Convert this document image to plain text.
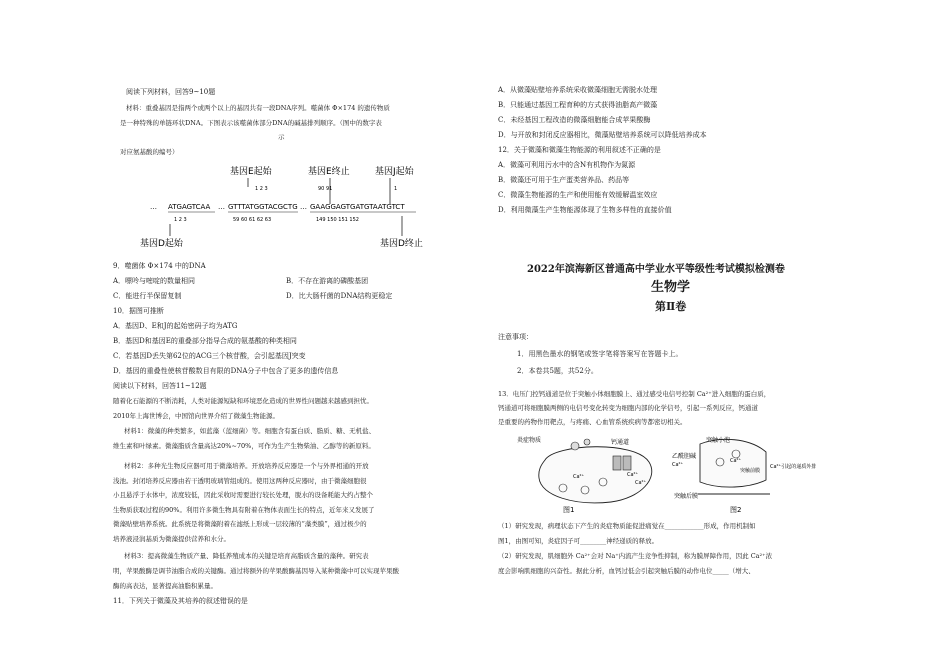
阅读下列材料，回答9~10题
材料：重叠基因是指两个或两个以上的基因共有一段DNA序列。噬菌体 Φ×174 的遗传物质
是一种特殊的单链环状DNA。下图表示该噬菌体部分DNA的碱基排列顺序。（图中的数字表
示
对应氨基酸的编号）
基因E起始	基因E终止	基因J起始
1 2 3	90 91	1
ATGAGTCAA
…	… GTTTATGGTACGCTG … GAAGGAGTGATGTAATGTCT
1 2 3	59 60 61 62 63	149 150 151 152
基因D起始	基因D终止
9．噬菌体 Φ×174 中的DNA
A．嘌呤与嘧啶的数量相同	B．不存在游离的磷酸基团
C．能进行半保留复制	D．比大肠杆菌的DNA结构更稳定
10．据图可推断
A．基因D、E和J的起始密码子均为ATG
B．基因D和基因E的重叠部分指导合成的氨基酸的种类相同
C．若基因D丢失第62位的ACG三个核苷酸，会引起基因J突变
D．基因的重叠性使核苷酸数目有限的DNA分子中包含了更多的遗传信息
阅读以下材料，回答11~12题
随着化石能源的不断消耗，人类对能源短缺和环境恶化造成的世界性问题越来越感到担忧。
2010年上海世博会，中国馆向世界介绍了微藻生物能源。
材料1：微藻的种类繁多，如蓝藻（蓝细菌）等。细胞含有蛋白质、脂质、糖、无机盐、
维生素和叶绿素。微藻脂质含量高达20%~70%，可作为生产生物柴油、乙醇等的新原料。
材料2：多种光生物反应器可用于微藻培养。开放培养反应器是一个与外界相通的开放
浅池。封闭培养反应器由若干透明玻璃管组成的。使用这两种反应器时，由于微藻细胞很
小且悬浮于水体中，浓度较低，因此采收时需要进行较长处理，脱水的设备耗能大约占整个
生物质获取过程的90%。利用许多微生物具有附着在物体表面生长的特点，近年来又发展了
微藻贴壁培养系统。此系统是将微藻附着在滤纸上形成一层较薄的“藻类膜”，通过极少的
培养液浸润基质为微藻提供营养和水分。
材料3：提高微藻生物质产量、降低养殖成本的关键是培育高脂质含量的藻种。研究表
明，苹果酸酶是调节油脂合成的关键酶。通过将额外的苹果酸酶基因导入某种微藻中可以实现苹果酸
酶的高表达，显著提高油脂积累量。
11．下列关于微藻及其培养的叙述错误的是
A．从微藻贴壁培养系统采收微藻细胞无需脱水处理
B．只能通过基因工程育种的方式获得油脂高产微藻
C．未经基因工程改造的微藻细胞能合成苹果酸酶
D．与开放和封闭反应器相比，微藻贴壁培养系统可以降低培养成本
12．关于微藻和微藻生物能源的利用叙述不正确的是
A．微藻可利用污水中的含N有机物作为氮源
B．微藻还可用于生产蛋类营养品、药品等
C．微藻生物能源的生产和使用能有效缓解温室效应
D．利用微藻生产生物能源体现了生物多样性的直接价值
2022年滨海新区普通高中学业水平等级性考试模拟检测卷
生物学
第Ⅱ卷
注意事项：
1．用黑色墨水的钢笔或签字笔将答案写在答题卡上。
2．本卷共5题，共52分。
13．电压门控钙通道是位于突触小体细胞膜上、通过感受电信号控制 Ca²⁺进入细胞的蛋白质，
钙通道可将细胞膜两侧的电信号变化转变为细胞内部的化学信号，引起一系列反应，钙通道
是重要的药物作用靶点，与疼痛、心血管系统疾病等都密切相关。
炎症物质	钙通道
Ca²⁺
Ca²⁺
Ca²⁺
图1
突触小泡
乙酰胆碱
Ca²⁺
Ca²⁺
突触前膜
Ca²⁺引起的递质外排
突触后膜
图2
（1）研究发现，病理状态下产生的炎症物质能促进痛觉在____________形成，作用机制如
图1，由图可知，炎症因子可________神经递质的释放。
（2）研究发现，肌细胞外 Ca²⁺会对 Na⁺内流产生竞争性抑制，称为膜屏障作用，因此 Ca²⁺浓
度会影响肌细胞的兴奋性。据此分析，血钙过低会引起突触后膜的动作电位_____（增大、
